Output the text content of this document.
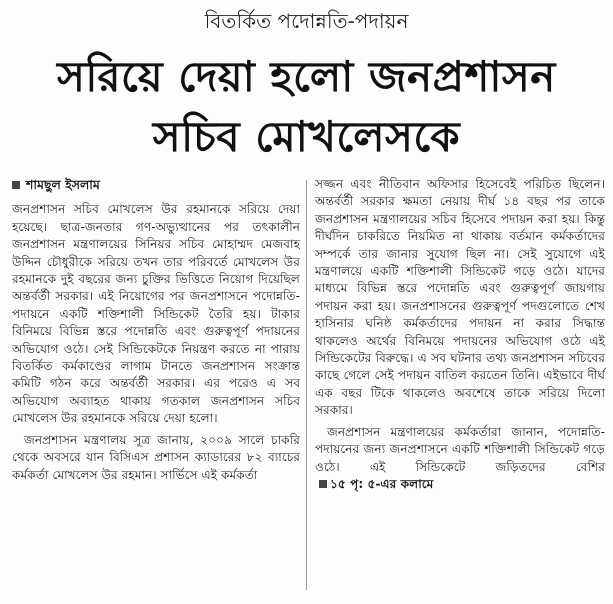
বিতর্কিত পদোন্নতি-পদায়ন
সরিয়ে দেয়া হলো জনপ্রশাসন
সচিব মোখলেসকে
শামছুল ইসলাম

জনপ্রশাসন সচিব মোখলেস উর রহমানকে সরিয়ে দেয়া হয়েছে। ছাত্র-জনতার গণ-অভ্যুত্থানের পর তৎকালীন জনপ্রশাসন মন্ত্রণালয়ের সিনিয়র সচিব মোহাম্মদ মেজবাহ উদ্দিন চৌধুরীকে সরিয়ে তখন তার পরিবর্তে মোখলেস উর রহমানকে দুই বছরের জন্য চুক্তির ভিত্তিতে নিয়োগ দিয়েছিল অন্তর্বর্তী সরকার। এই নিয়োগের পর জনপ্রশাসনে পদোন্নতি-পদায়নে একটি শক্তিশালী সিন্ডিকেট তৈরি হয়। টাকার বিনিময়ে বিভিন্ন স্তরে পদোন্নতি এবং গুরুত্বপূর্ণ পদায়নের অভিযোগ ওঠে। সেই সিন্ডিকেটকে নিয়ন্ত্রণ করতে না পারায় বিতর্কিত কর্মকাণ্ডের লাগাম টানতে জনপ্রশাসন সংক্রান্ত কমিটি গঠন করে অন্তর্বর্তী সরকার। এর পরেও এ সব অভিযোগ অব্যাহত থাকায় গতকাল জনপ্রশাসন সচিব মোখলেস উর রহমানকে সরিয়ে দেয়া হলো।

জনপ্রশাসন মন্ত্রণালয় সূত্র জানায়, ২০০৯ সালে চাকরি থেকে অবসরে যান বিসিএস প্রশাসন ক্যাডারের ৮২ ব্যাচের কর্মকর্তা মোখলেস উর রহমান। সার্ভিসে এই কর্মকর্তা

সজ্জন এবং নীতিবান অফিসার হিসেবেই পরিচিত ছিলেন। অন্তর্বর্তী সরকার ক্ষমতা নেয়ায় দীর্ঘ ১৪ বছর পর তাকে জনপ্রশাসন মন্ত্রণালয়ের সচিব হিসেবে পদায়ন করা হয়। কিন্তু দীর্ঘদিন চাকরিতে নিয়মিত না থাকায় বর্তমান কর্মকর্তাদের সম্পর্কে তার জানার সুযোগ ছিল না। সেই সুযোগে এই মন্ত্রণালয়ে একটি শক্তিশালী সিন্ডিকেট গড়ে ওঠে। যাদের মাধ্যমে বিভিন্ন স্তরে পদোন্নতি এবং গুরুত্বপূর্ণ জায়গায় পদায়ন করা হয়। জনপ্রশাসনের গুরুত্বপূর্ণ পদগুলোতে শেখ হাসিনার ঘনিষ্ঠ কর্মকর্তাদের পদায়ন না করার সিদ্ধান্ত থাকলেও অর্থের বিনিময়ে পদায়নের অভিযোগ ওঠে এই সিন্ডিকেটের বিরুদ্ধে। এ সব ঘটনার তথ্য জনপ্রশাসন সচিবের কাছে গেলে সেই পদায়ন বাতিল করতেন তিনি। এইভাবে দীর্ঘ এক বছর টিকে থাকলেও অবশেষে তাকে সরিয়ে দিলো সরকার।

জনপ্রশাসন মন্ত্রণালয়ের কর্মকর্তারা জানান, পদোন্নতি-পদায়নের জন্য জনপ্রশাসনে একটি শক্তিশালী সিন্ডিকেট গড়ে ওঠে। এই সিন্ডিকেটে জড়িতদের বেশির১৫ পৃ: ৫-এর কলামে
